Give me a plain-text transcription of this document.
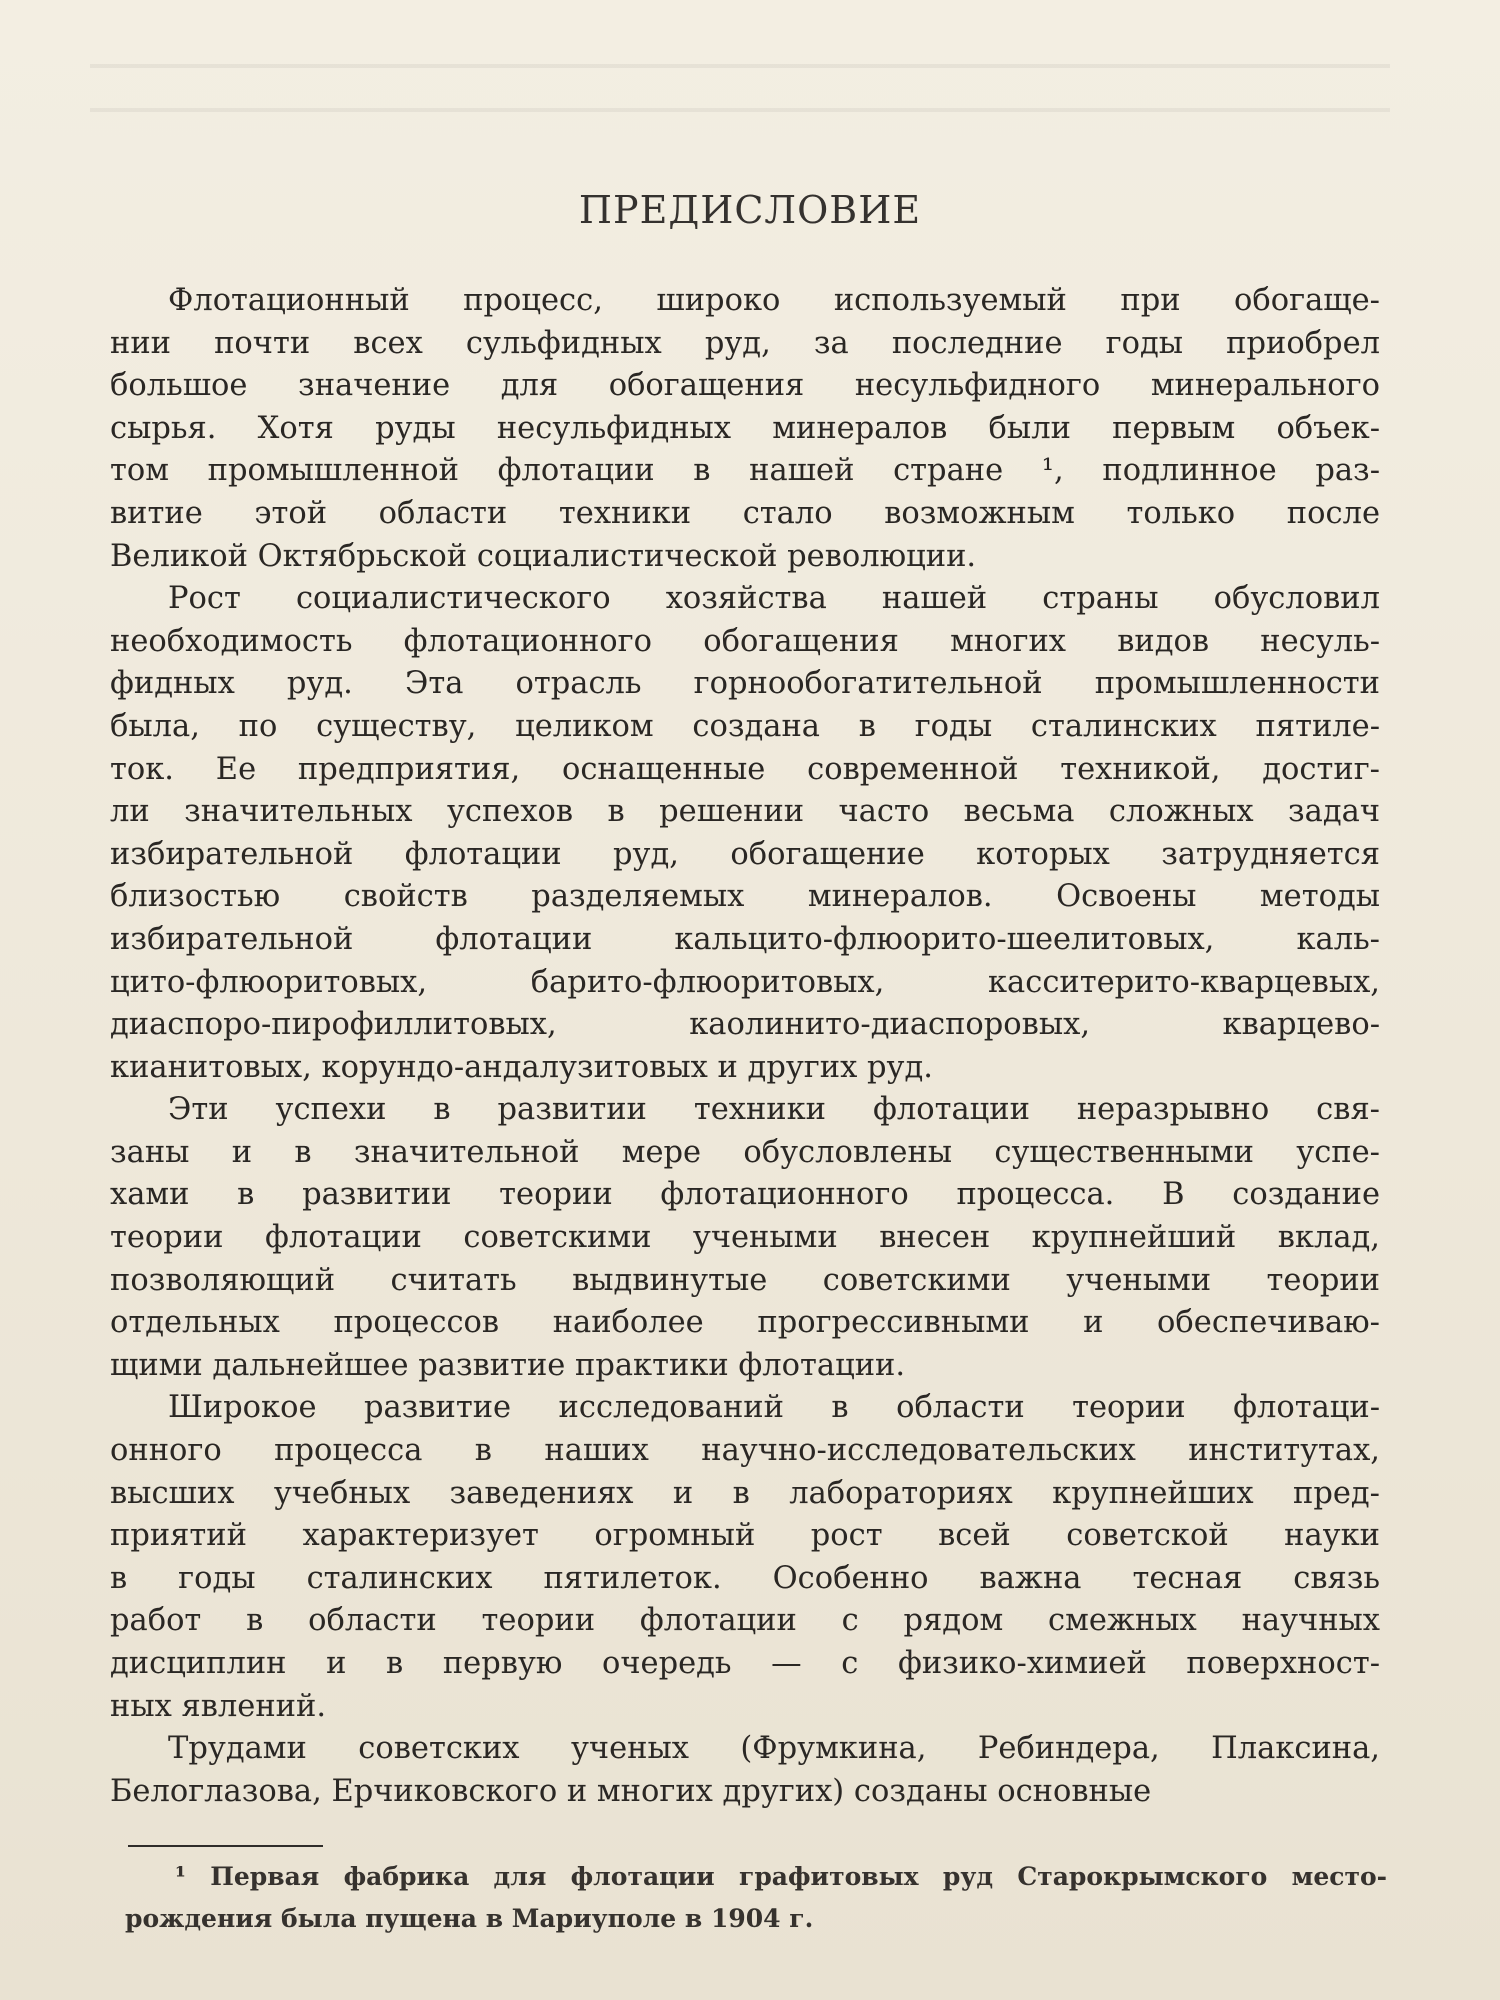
ПРЕДИСЛОВИЕ
Флотационный процесс, широко используемый при обогаще-
нии почти всех сульфидных руд, за последние годы приобрел
большое значение для обогащения несульфидного минерального
сырья. Хотя руды несульфидных минералов были первым объек-
том промышленной флотации в нашей стране ¹, подлинное раз-
витие этой области техники стало возможным только после
Великой Октябрьской социалистической революции.
Рост социалистического хозяйства нашей страны обусловил
необходимость флотационного обогащения многих видов несуль-
фидных руд. Эта отрасль горнообогатительной промышленности
была, по существу, целиком создана в годы сталинских пятиле-
ток. Ее предприятия, оснащенные современной техникой, достиг-
ли значительных успехов в решении часто весьма сложных задач
избирательной флотации руд, обогащение которых затрудняется
близостью свойств разделяемых минералов. Освоены методы
избирательной флотации кальцито-флюорито-шеелитовых, каль-
цито-флюоритовых, барито-флюоритовых, касситерито-кварцевых,
диаспоро-пирофиллитовых, каолинито-диаспоровых, кварцево-
кианитовых, корундо-андалузитовых и других руд.
Эти успехи в развитии техники флотации неразрывно свя-
заны и в значительной мере обусловлены существенными успе-
хами в развитии теории флотационного процесса. В создание
теории флотации советскими учеными внесен крупнейший вклад,
позволяющий считать выдвинутые советскими учеными теории
отдельных процессов наиболее прогрессивными и обеспечиваю-
щими дальнейшее развитие практики флотации.
Широкое развитие исследований в области теории флотаци-
онного процесса в наших научно-исследовательских институтах,
высших учебных заведениях и в лабораториях крупнейших пред-
приятий характеризует огромный рост всей советской науки
в годы сталинских пятилеток. Особенно важна тесная связь
работ в области теории флотации с рядом смежных научных
дисциплин и в первую очередь — с физико-химией поверхност-
ных явлений.
Трудами советских ученых (Фрумкина, Ребиндера, Плаксина,
Белоглазова, Ерчиковского и многих других) созданы основные
¹ Первая фабрика для флотации графитовых руд Старокрымского место-
рождения была пущена в Мариуполе в 1904 г.
